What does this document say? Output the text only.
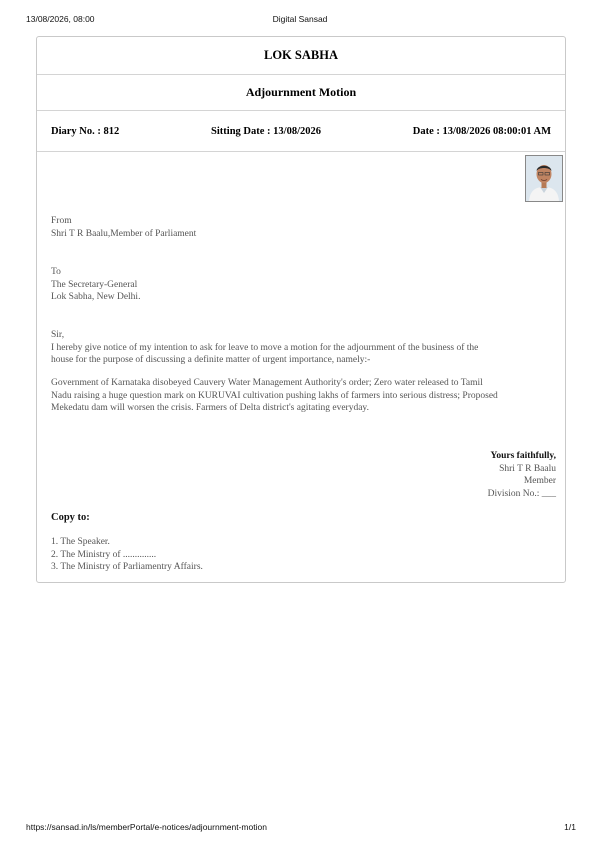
13/08/2026, 08:00	Digital Sansad
LOK SABHA
Adjournment Motion
Diary No. : 812	Sitting Date : 13/08/2026	Date : 13/08/2026 08:00:01 AM
From
Shri T R Baalu,Member of Parliament
To
The Secretary-General
Lok Sabha, New Delhi.
Sir,
I hereby give notice of my intention to ask for leave to move a motion for the adjournment of the business of the
house for the purpose of discussing a definite matter of urgent importance, namely:-
Government of Karnataka disobeyed Cauvery Water Management Authority's order; Zero water released to Tamil
Nadu raising a huge question mark on KURUVAI cultivation pushing lakhs of farmers into serious distress; Proposed
Mekedatu dam will worsen the crisis. Farmers of Delta district's agitating everyday.
Yours faithfully,
Shri T R Baalu
Member
Division No.: ___
Copy to:
1. The Speaker.
2. The Ministry of ..............
3. The Ministry of Parliamentry Affairs.
https://sansad.in/ls/memberPortal/e-notices/adjournment-motion	1/1
